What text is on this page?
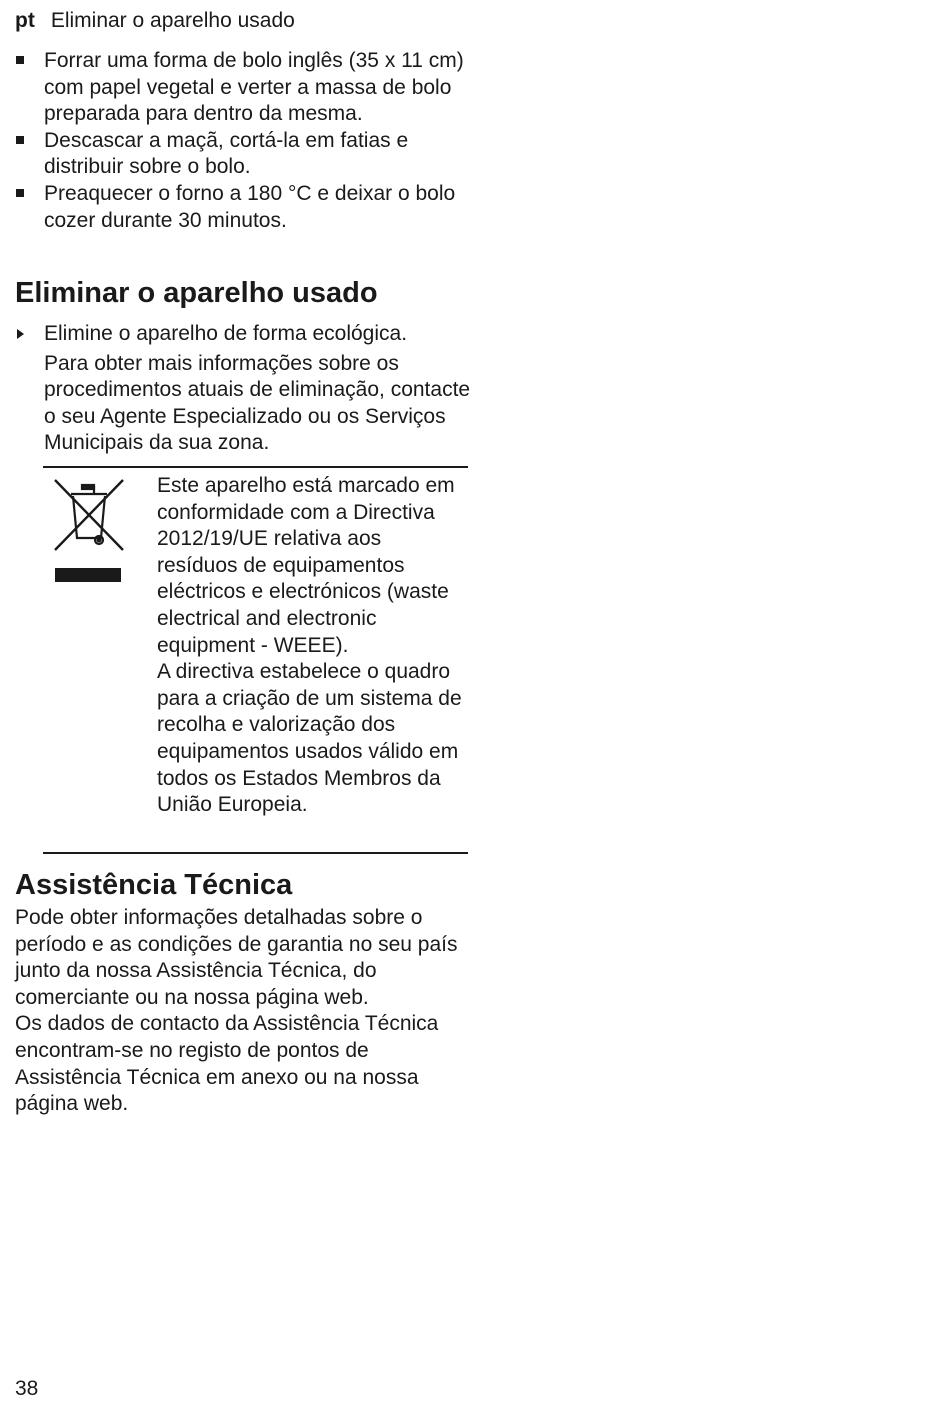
pt Eliminar o aparelho usado
Forrar uma forma de bolo inglês (35 x 11 cm) com papel vegetal e verter a massa de bolo preparada para dentro da mesma.
Descascar a maçã, cortá-la em fatias e distribuir sobre o bolo.
Preaquecer o forno a 180 °C e deixar o bolo cozer durante 30 minutos.
Eliminar o aparelho usado
Elimine o aparelho de forma ecológica.
Para obter mais informações sobre os procedimentos atuais de eliminação, contacte o seu Agente Especializado ou os Serviços Municipais da sua zona.
Este aparelho está marcado em conformidade com a Directiva 2012/19/UE relativa aos resíduos de equipamentos eléctricos e electrónicos (waste electrical and electronic equipment - WEEE).
A directiva estabelece o quadro para a criação de um sistema de recolha e valorização dos equipamentos usados válido em todos os Estados Membros da União Europeia.
Assistência Técnica
Pode obter informações detalhadas sobre o período e as condições de garantia no seu país junto da nossa Assistência Técnica, do comerciante ou na nossa página web.
Os dados de contacto da Assistência Técnica encontram-se no registo de pontos de Assistência Técnica em anexo ou na nossa página web.
38
